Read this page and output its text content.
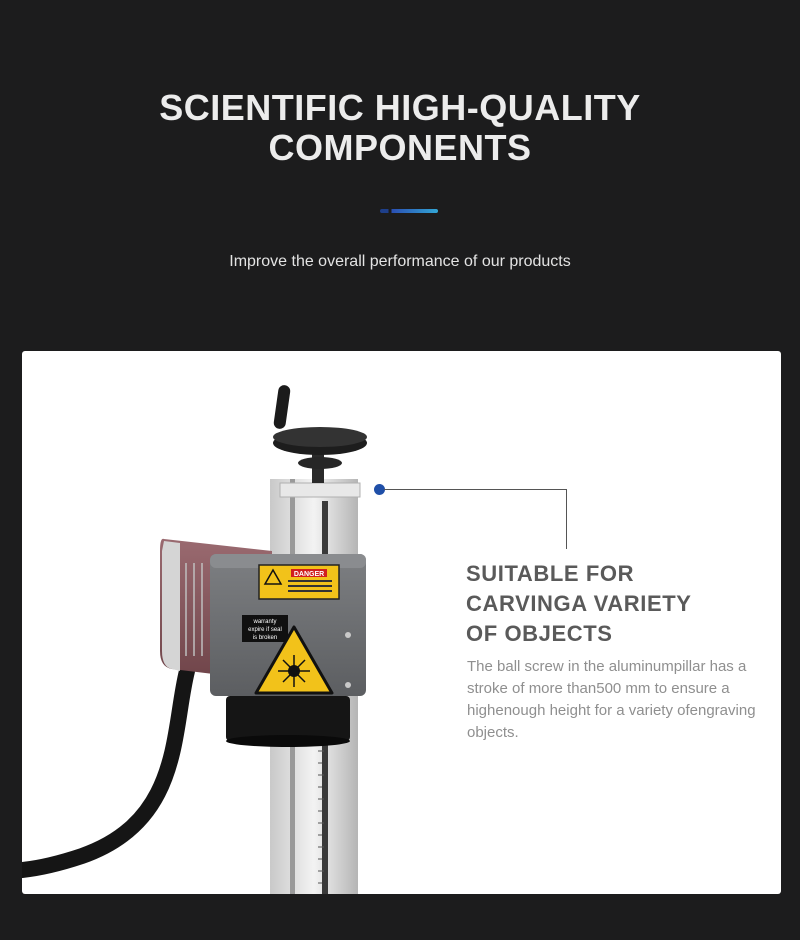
SCIENTIFIC HIGH-QUALITY
COMPONENTS

Improve the overall performance of our products

DANGER
warranty
expire if seal
is broken
SUITABLE FOR
CARVINGA VARIETY
OF OBJECTS

The ball screw in the aluminumpillar has a stroke of more than500 mm to ensure a highenough height for a variety ofengraving objects.
